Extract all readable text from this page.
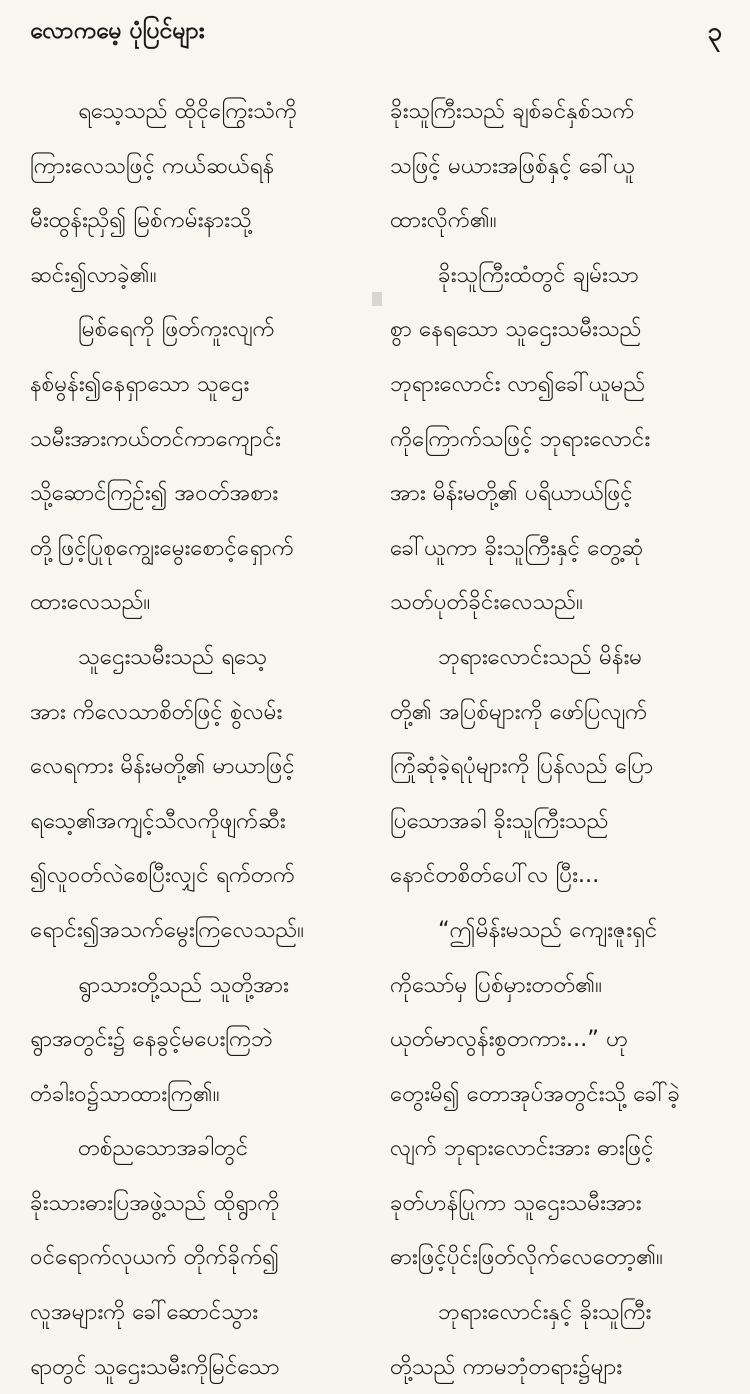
လောကမေ့ ပုံပြင်များ	၃
ရသေ့သည် ထိုငိုကြွေးသံကို
ကြားလေသဖြင့် ကယ်ဆယ်ရန်
မီးထွန်းညှိ၍ မြစ်ကမ်းနားသို့
ဆင်း၍လာခဲ့၏။
မြစ်ရေကို ဖြတ်ကူးလျက်
နစ်မွန်း၍နေရှာသော သူဌေး
သမီးအားကယ်တင်ကာကျောင်း
သို့ဆောင်ကြဉ်း၍ အဝတ်အစား
တို့ဖြင့်ပြုစုကျွေးမွေးစောင့်ရှောက်
ထားလေသည်။
သူဌေးသမီးသည် ရသေ့
အား ကိလေသာစိတ်ဖြင့် စွဲလမ်း
လေရကား မိန်းမတို့၏ မာယာဖြင့်
ရသေ့၏အကျင့်သီလကိုဖျက်ဆီး
၍လူဝတ်လဲစေပြီးလျှင် ရက်တက်
ရောင်း၍အသက်မွေးကြလေသည်။
ရွာသားတို့သည် သူတို့အား
ရွာအတွင်း၌ နေခွင့်မပေးကြဘဲ
တံခါးဝ၌သာထားကြ၏။
တစ်ညသောအခါတွင်
ခိုးသားဓားပြအဖွဲ့သည် ထိုရွာကို
ဝင်ရောက်လုယက် တိုက်ခိုက်၍
လူအများကို ခေါ်ဆောင်သွား
ရာတွင် သူဌေးသမီးကိုမြင်သော
ခိုးသူကြီးသည် ချစ်ခင်နှစ်သက်
သဖြင့် မယားအဖြစ်နှင့် ခေါ်ယူ
ထားလိုက်၏။
ခိုးသူကြီးထံတွင် ချမ်းသာ
စွာ နေရသော သူဌေးသမီးသည်
ဘုရားလောင်း လာ၍ခေါ်ယူမည်
ကိုကြောက်သဖြင့် ဘုရားလောင်း
အား မိန်းမတို့၏ ပရိယာယ်ဖြင့်
ခေါ်ယူကာ ခိုးသူကြီးနှင့် တွေ့ဆုံ
သတ်ပုတ်ခိုင်းလေသည်။
ဘုရားလောင်းသည် မိန်းမ
တို့၏ အပြစ်များကို ဖော်ပြလျက်
ကြုံဆုံခဲ့ရပုံများကို ပြန်လည် ပြော
ပြသောအခါ ခိုးသူကြီးသည်
နောင်တစိတ်ပေါ်လ ပြီး...
“ဤမိန်းမသည် ကျေးဇူးရှင်
ကိုသော်မှ ပြစ်မှားတတ်၏။
ယုတ်မာလွန်းစွတကား...” ဟု
တွေးမိ၍ တောအုပ်အတွင်းသို့ ခေါ်ခဲ့
လျက် ဘုရားလောင်းအား ဓားဖြင့်
ခုတ်ဟန်ပြုကာ သူဌေးသမီးအား
ဓားဖြင့်ပိုင်းဖြတ်လိုက်လေတော့၏။
ဘုရားလောင်းနှင့် ခိုးသူကြီး
တို့သည် ကာမဘုံတရား၌များ
